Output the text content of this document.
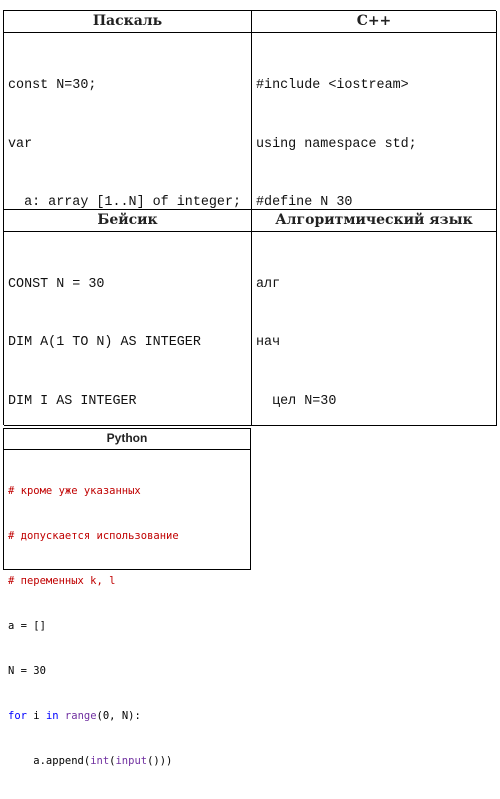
Паскаль	C++

const N=30;

var

a: array [1..N] of integer;

#include <iostream>

using namespace std;

#define N 30

Бейсик	Алгоритмический язык

CONST N = 30

DIM A(1 TO N) AS INTEGER

DIM I AS INTEGER

алг

нач

цел N=30

Python

# кроме уже указанных

# допускается использование

# переменных k, l

a = []

N = 30

for i in range(0, N):

a.append(int(input()))
